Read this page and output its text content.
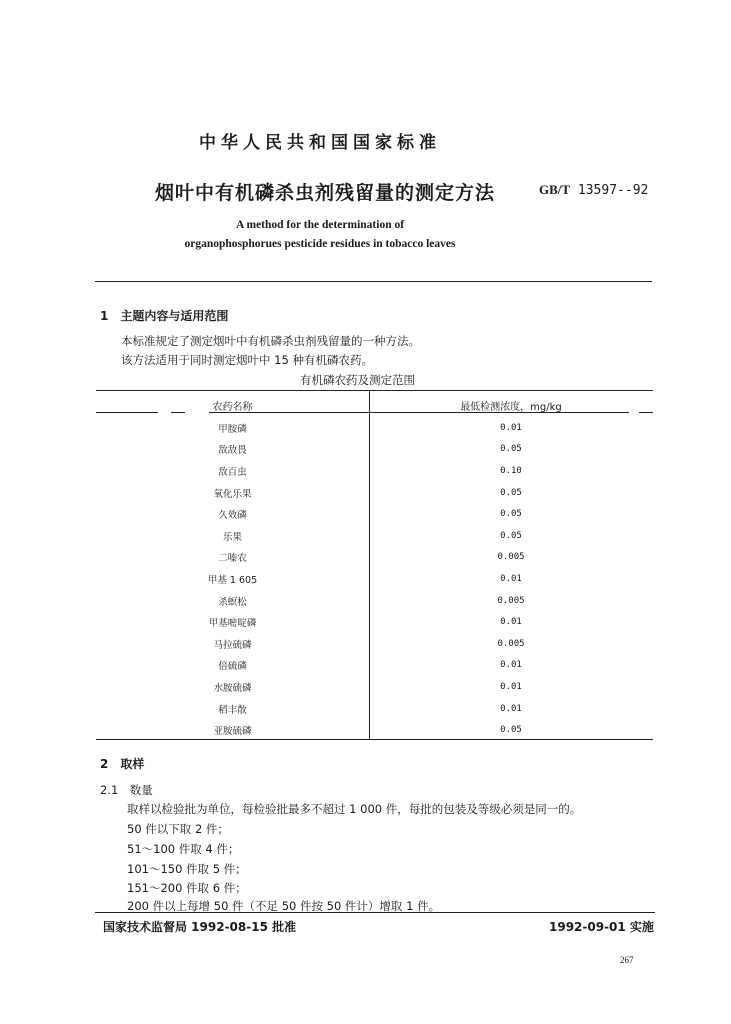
中华人民共和国国家标准
烟叶中有机磷杀虫剂残留量的测定方法	GB/T 13597--92
A method for the determination of
organophosphorues pesticide residues in tobacco leaves
1　主题内容与适用范围
本标准规定了测定烟叶中有机磷杀虫剂残留量的一种方法。
该方法适用于同时测定烟叶中 15 种有机磷农药。
有机磷农药及测定范围
农药名称	最低检测浓度，mg/kg
甲胺磷	0.01
敌敌畏	0.05
敌百虫	0.10
氧化乐果	0.05
久效磷	0.05
乐果	0.05
二嗪农	0.005
甲基 1 605	0.01
杀螟松	0.005
甲基嘧啶磷	0.01
马拉硫磷	0.005
倍硫磷	0.01
水胺硫磷	0.01
稻丰散	0.01
亚胺硫磷	0.05
2　取样
2.1　数量
取样以检验批为单位，每检验批最多不超过 1 000 件，每批的包装及等级必须是同一的。
50 件以下取 2 件；
51～100 件取 4 件；
101～150 件取 5 件；
151～200 件取 6 件；
200 件以上每增 50 件（不足 50 件按 50 件计）增取 1 件。
国家技术监督局 1992-08-15 批准	1992-09-01 实施
267
